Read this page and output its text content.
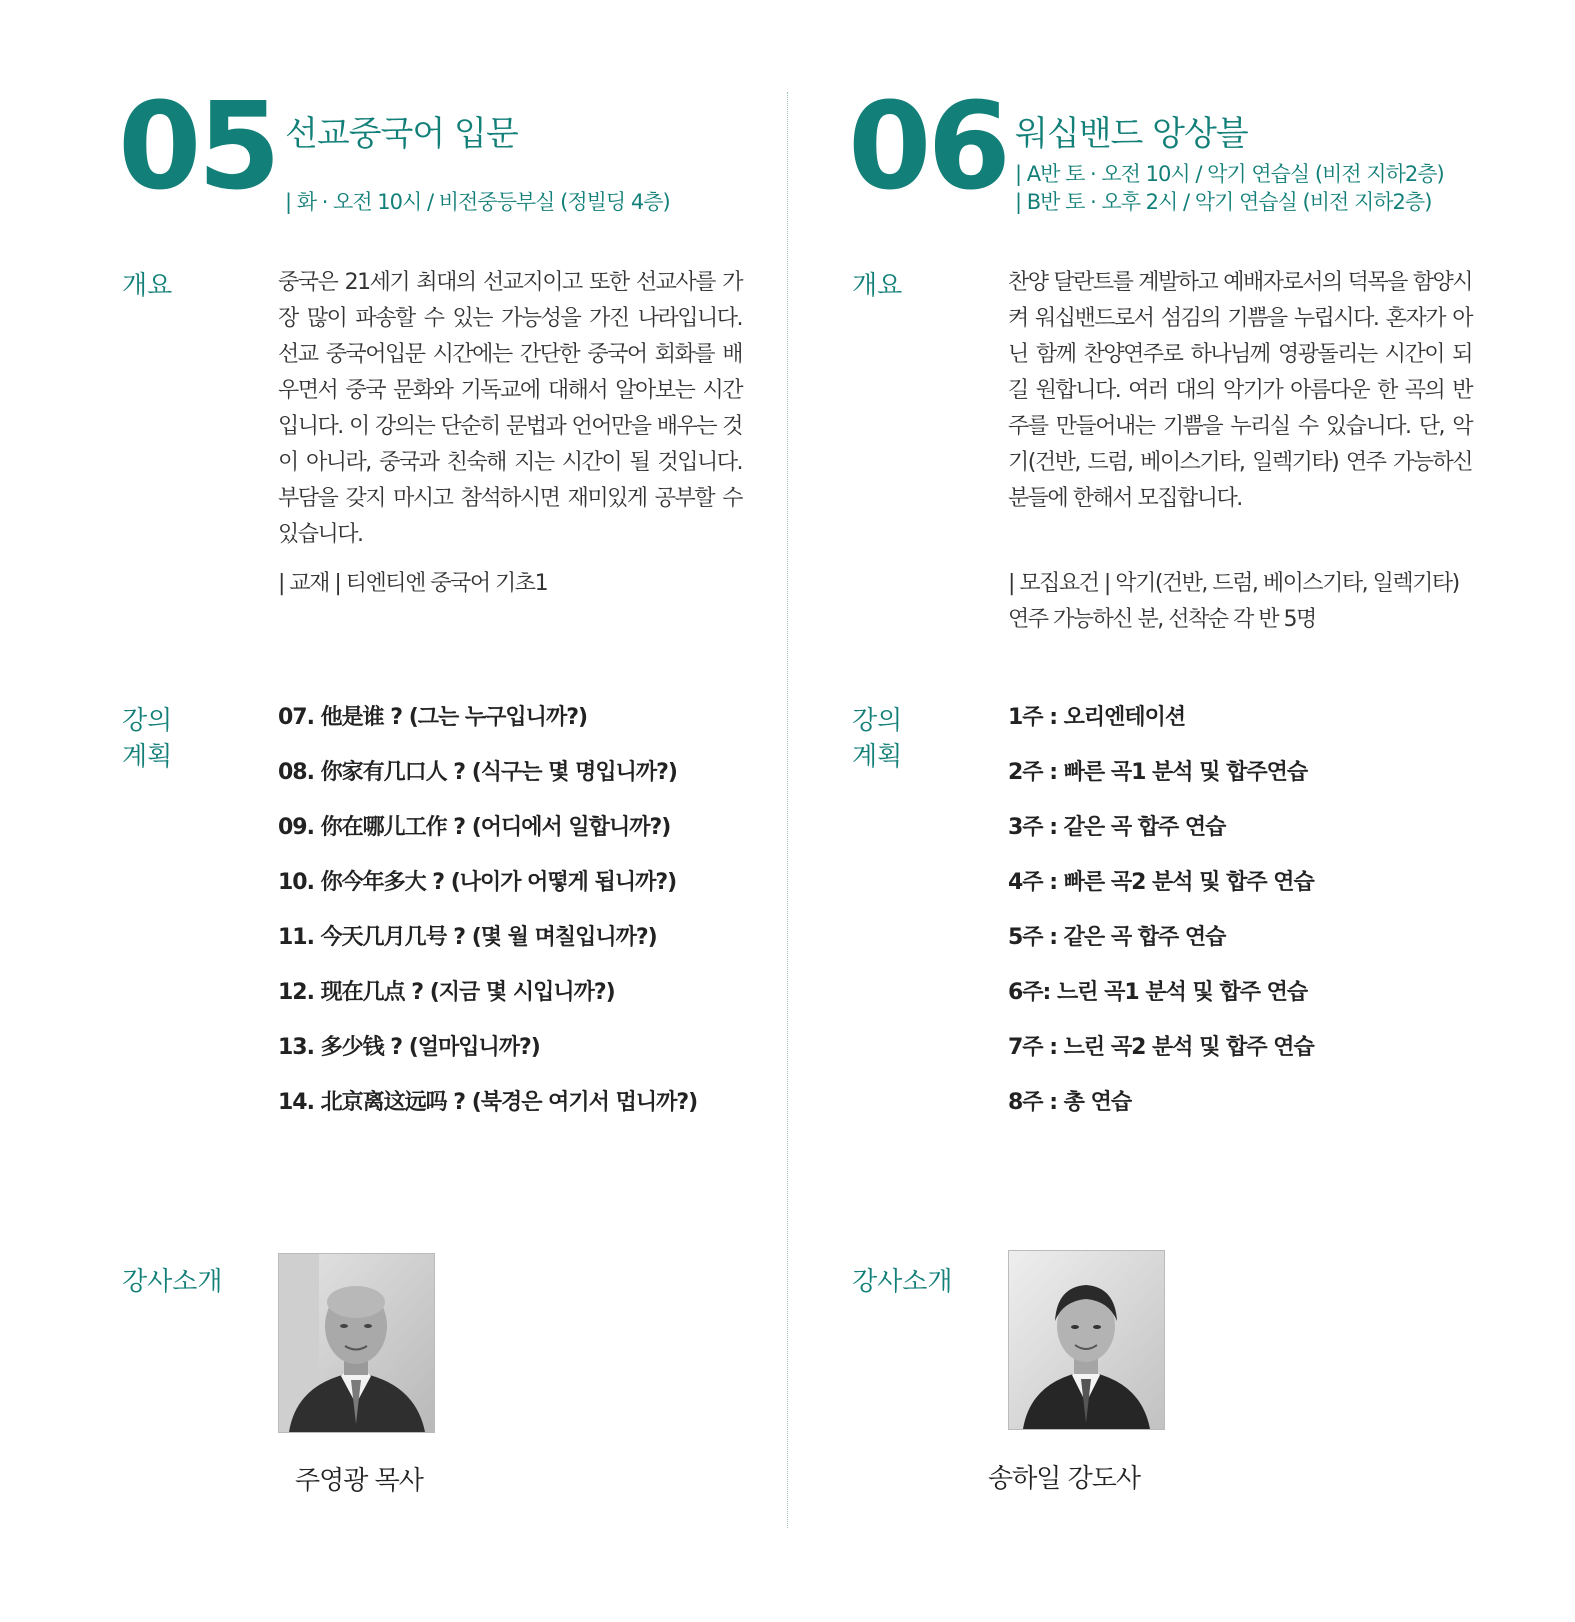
05 선교중국어 입문
| 화 · 오전 10시 / 비전중등부실 (정빌딩 4층)
개요	중국은 21세기 최대의 선교지이고 또한 선교사를 가장 많이 파송할 수 있는 가능성을 가진 나라입니다. 선교 중국어입문 시간에는 간단한 중국어 회화를 배우면서 중국 문화와 기독교에 대해서 알아보는 시간입니다. 이 강의는 단순히 문법과 언어만을 배우는 것이 아니라, 중국과 친숙해 지는 시간이 될 것입니다. 부담을 갖지 마시고 참석하시면 재미있게 공부할 수 있습니다.
| 교재 | 티엔티엔 중국어 기초1
강의 계획
07. 他是谁 ? (그는 누구입니까?)
08. 你家有几口人 ? (식구는 몇 명입니까?)
09. 你在哪儿工作 ? (어디에서 일합니까?)
10. 你今年多大 ? (나이가 어떻게 됩니까?)
11. 今天几月几号 ? (몇 월 며칠입니까?)
12. 现在几点 ? (지금 몇 시입니까?)
13. 多少钱 ? (얼마입니까?)
14. 北京离这远吗 ? (북경은 여기서 멉니까?)
강사소개
주영광 목사
06 워십밴드 앙상블
| A반 토 · 오전 10시 / 악기 연습실 (비전 지하2층)
| B반 토 · 오후 2시 / 악기 연습실 (비전 지하2층)
개요	찬양 달란트를 계발하고 예배자로서의 덕목을 함양시켜 워십밴드로서 섬김의 기쁨을 누립시다. 혼자가 아닌 함께 찬양연주로 하나님께 영광돌리는 시간이 되길 원합니다. 여러 대의 악기가 아름다운 한 곡의 반주를 만들어내는 기쁨을 누리실 수 있습니다. 단, 악기(건반, 드럼, 베이스기타, 일렉기타) 연주 가능하신 분들에 한해서 모집합니다.
| 모집요건 | 악기(건반, 드럼, 베이스기타, 일렉기타) 연주 가능하신 분, 선착순 각 반 5명
강의 계획
1주 : 오리엔테이션
2주 : 빠른 곡1 분석 및 합주연습
3주 : 같은 곡 합주 연습
4주 : 빠른 곡2 분석 및 합주 연습
5주 : 같은 곡 합주 연습
6주: 느린 곡1 분석 및 합주 연습
7주 : 느린 곡2 분석 및 합주 연습
8주 : 총 연습
강사소개
송하일 강도사
